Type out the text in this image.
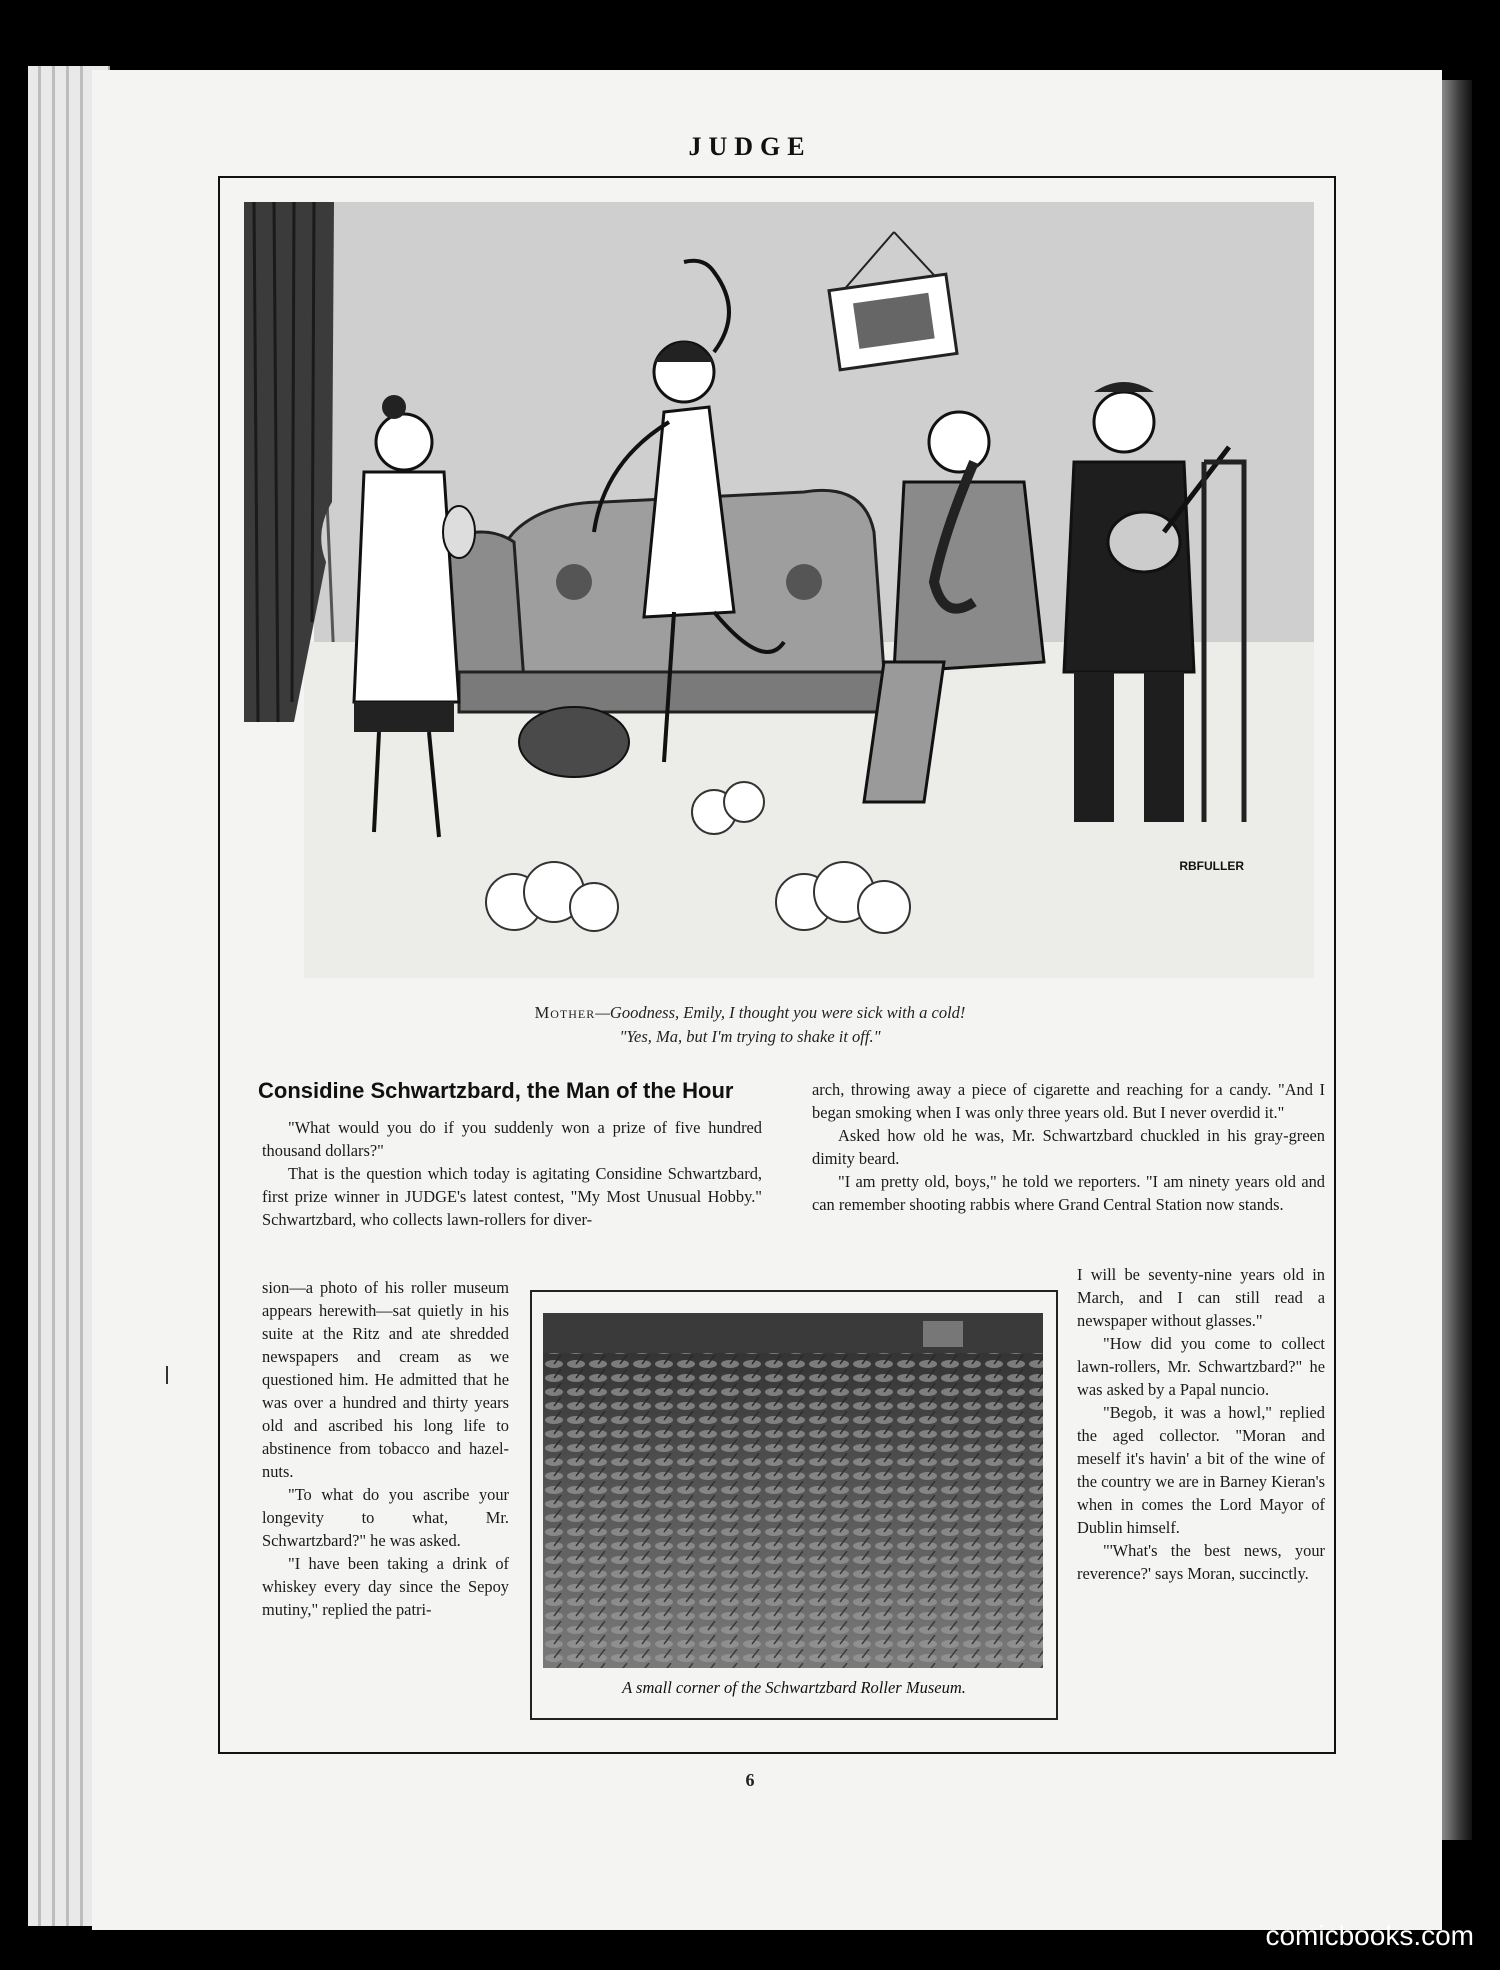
JUDGE
RBFULLER
Mother—Goodness, Emily, I thought you were sick with a cold!
"Yes, Ma, but I'm trying to shake it off."
Considine Schwartzbard, the Man of the Hour

"What would you do if you suddenly won a prize of five hundred thousand dollars?"

That is the question which today is agitating Considine Schwartzbard, first prize winner in JUDGE's latest contest, "My Most Unusual Hobby." Schwartzbard, who collects lawn-rollers for diver-

sion—a photo of his roller museum appears herewith—sat quietly in his suite at the Ritz and ate shredded newspapers and cream as we questioned him. He admitted that he was over a hundred and thirty years old and ascribed his long life to abstinence from tobacco and hazel-nuts.

"To what do you ascribe your longevity to what, Mr. Schwartzbard?" he was asked.

"I have been taking a drink of whiskey every day since the Sepoy mutiny," replied the patri-

arch, throwing away a piece of cigarette and reaching for a candy. "And I began smoking when I was only three years old. But I never overdid it."

Asked how old he was, Mr. Schwartzbard chuckled in his gray-green dimity beard.

"I am pretty old, boys," he told we reporters. "I am ninety years old and can remember shooting rabbis where Grand Central Station now stands.

I will be seventy-nine years old in March, and I can still read a newspaper without glasses."

"How did you come to collect lawn-rollers, Mr. Schwartzbard?" he was asked by a Papal nuncio.

"Begob, it was a howl," replied the aged collector. "Moran and meself it's havin' a bit of the wine of the country we are in Barney Kieran's when in comes the Lord Mayor of Dublin himself.

"'What's the best news, your reverence?' says Moran, succinctly.

A small corner of the Schwartzbard Roller Museum.
6
comicbooks.com
